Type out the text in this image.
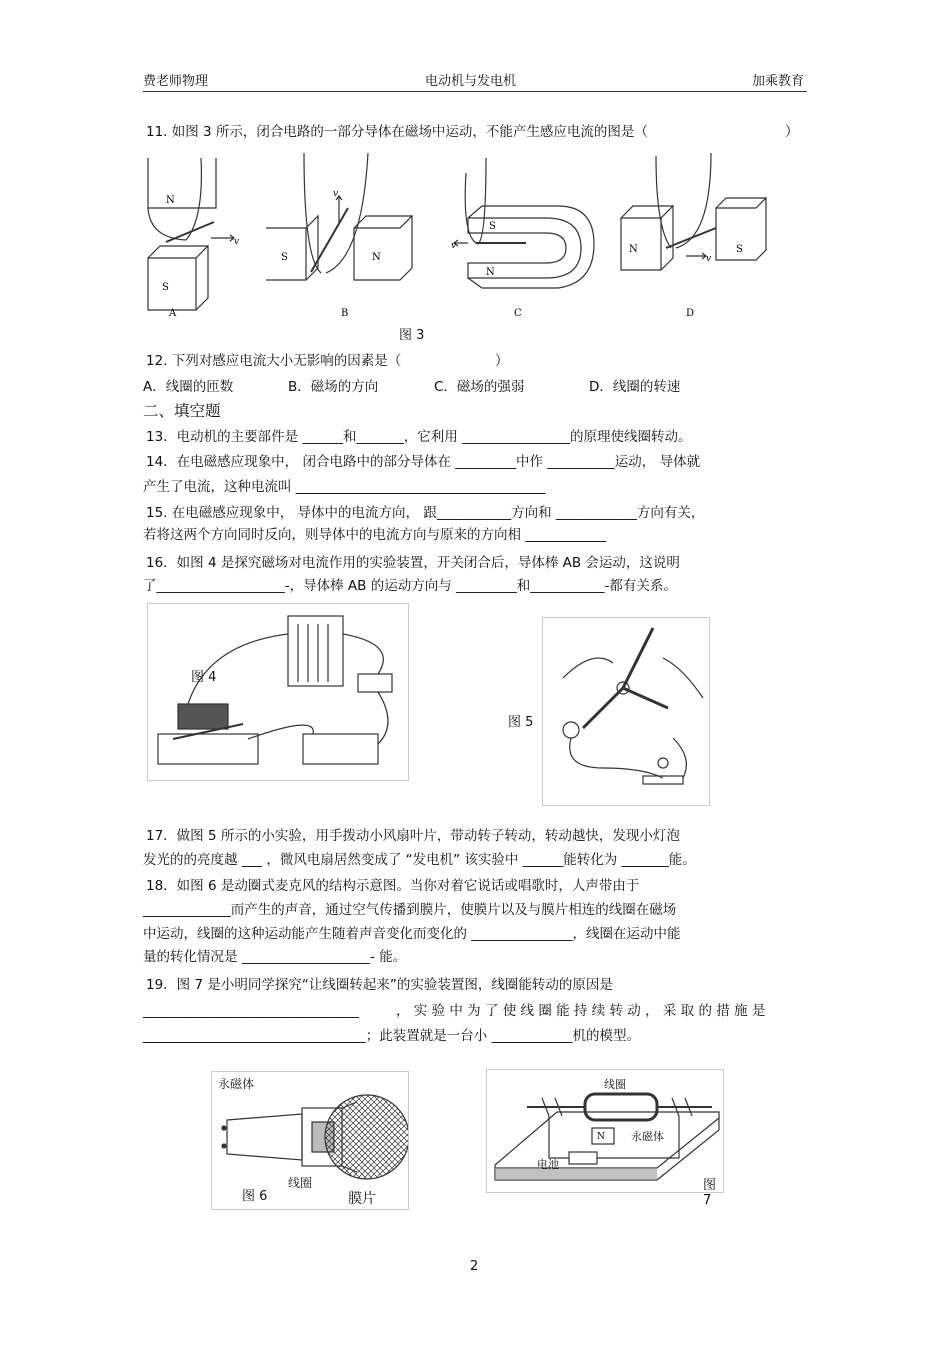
费老师物理	电动机与发电机	加乘教育
11. 如图 3 所示，闭合电路的一部分导体在磁场中运动，不能产生感应电流的图是（	）
N
S
v
S	N
v
S
N
v	N	S
v
A	B	C	D
图 3
12. 下列对感应电流大小无影响的因素是（	）
A．线圈的匝数	B．磁场的方向	C．磁场的强弱	D．线圈的转速
二、填空题
13．电动机的主要部件是 ______和_______，它利用 ________________的原理使线圈转动。
14．在电磁感应现象中， 闭合电路中的部分导体在 _________中作 __________运动， 导体就
产生了电流，这种电流叫 _____________________________________
15. 在电磁感应现象中， 导体中的电流方向， 跟___________方向和 ____________方向有关，
若将这两个方向同时反向，则导体中的电流方向与原来的方向相 ____________
16．如图 4 是探究磁场对电流作用的实验装置，开关闭合后，导体棒 AB 会运动，这说明
了___________________-，导体棒 AB 的运动方向与 _________和___________-都有关系。
图 4
图 5
17．做图 5 所示的小实验，用手拨动小风扇叶片，带动转子转动，转动越快，发现小灯泡
发光的的亮度越 ___ ，微风电扇居然变成了 “发电机” 该实验中 ______能转化为 _______能。
18．如图 6 是动圈式麦克风的结构示意图。当你对着它说话或唱歌时，人声带由于
_____________而产生的声音，通过空气传播到膜片，使膜片以及与膜片相连的线圈在磁场
中运动，线圈的这种运动能产生随着声音变化而变化的 _______________，线圈在运动中能
量的转化情况是 ___________________- 能。
19．图 7 是小明同学探究“让线圈转起来”的实验装置图，线圈能转动的原因是
________________________________	， 实 验 中 为 了 使 线 圈 能 持 续 转 动 ， 采 取 的 措 施 是
_________________________________；此装置就是一台小 ____________机的模型。
永磁体
线圈
膜片
图 6
N
线圈
永磁体
电池
图 7
2
